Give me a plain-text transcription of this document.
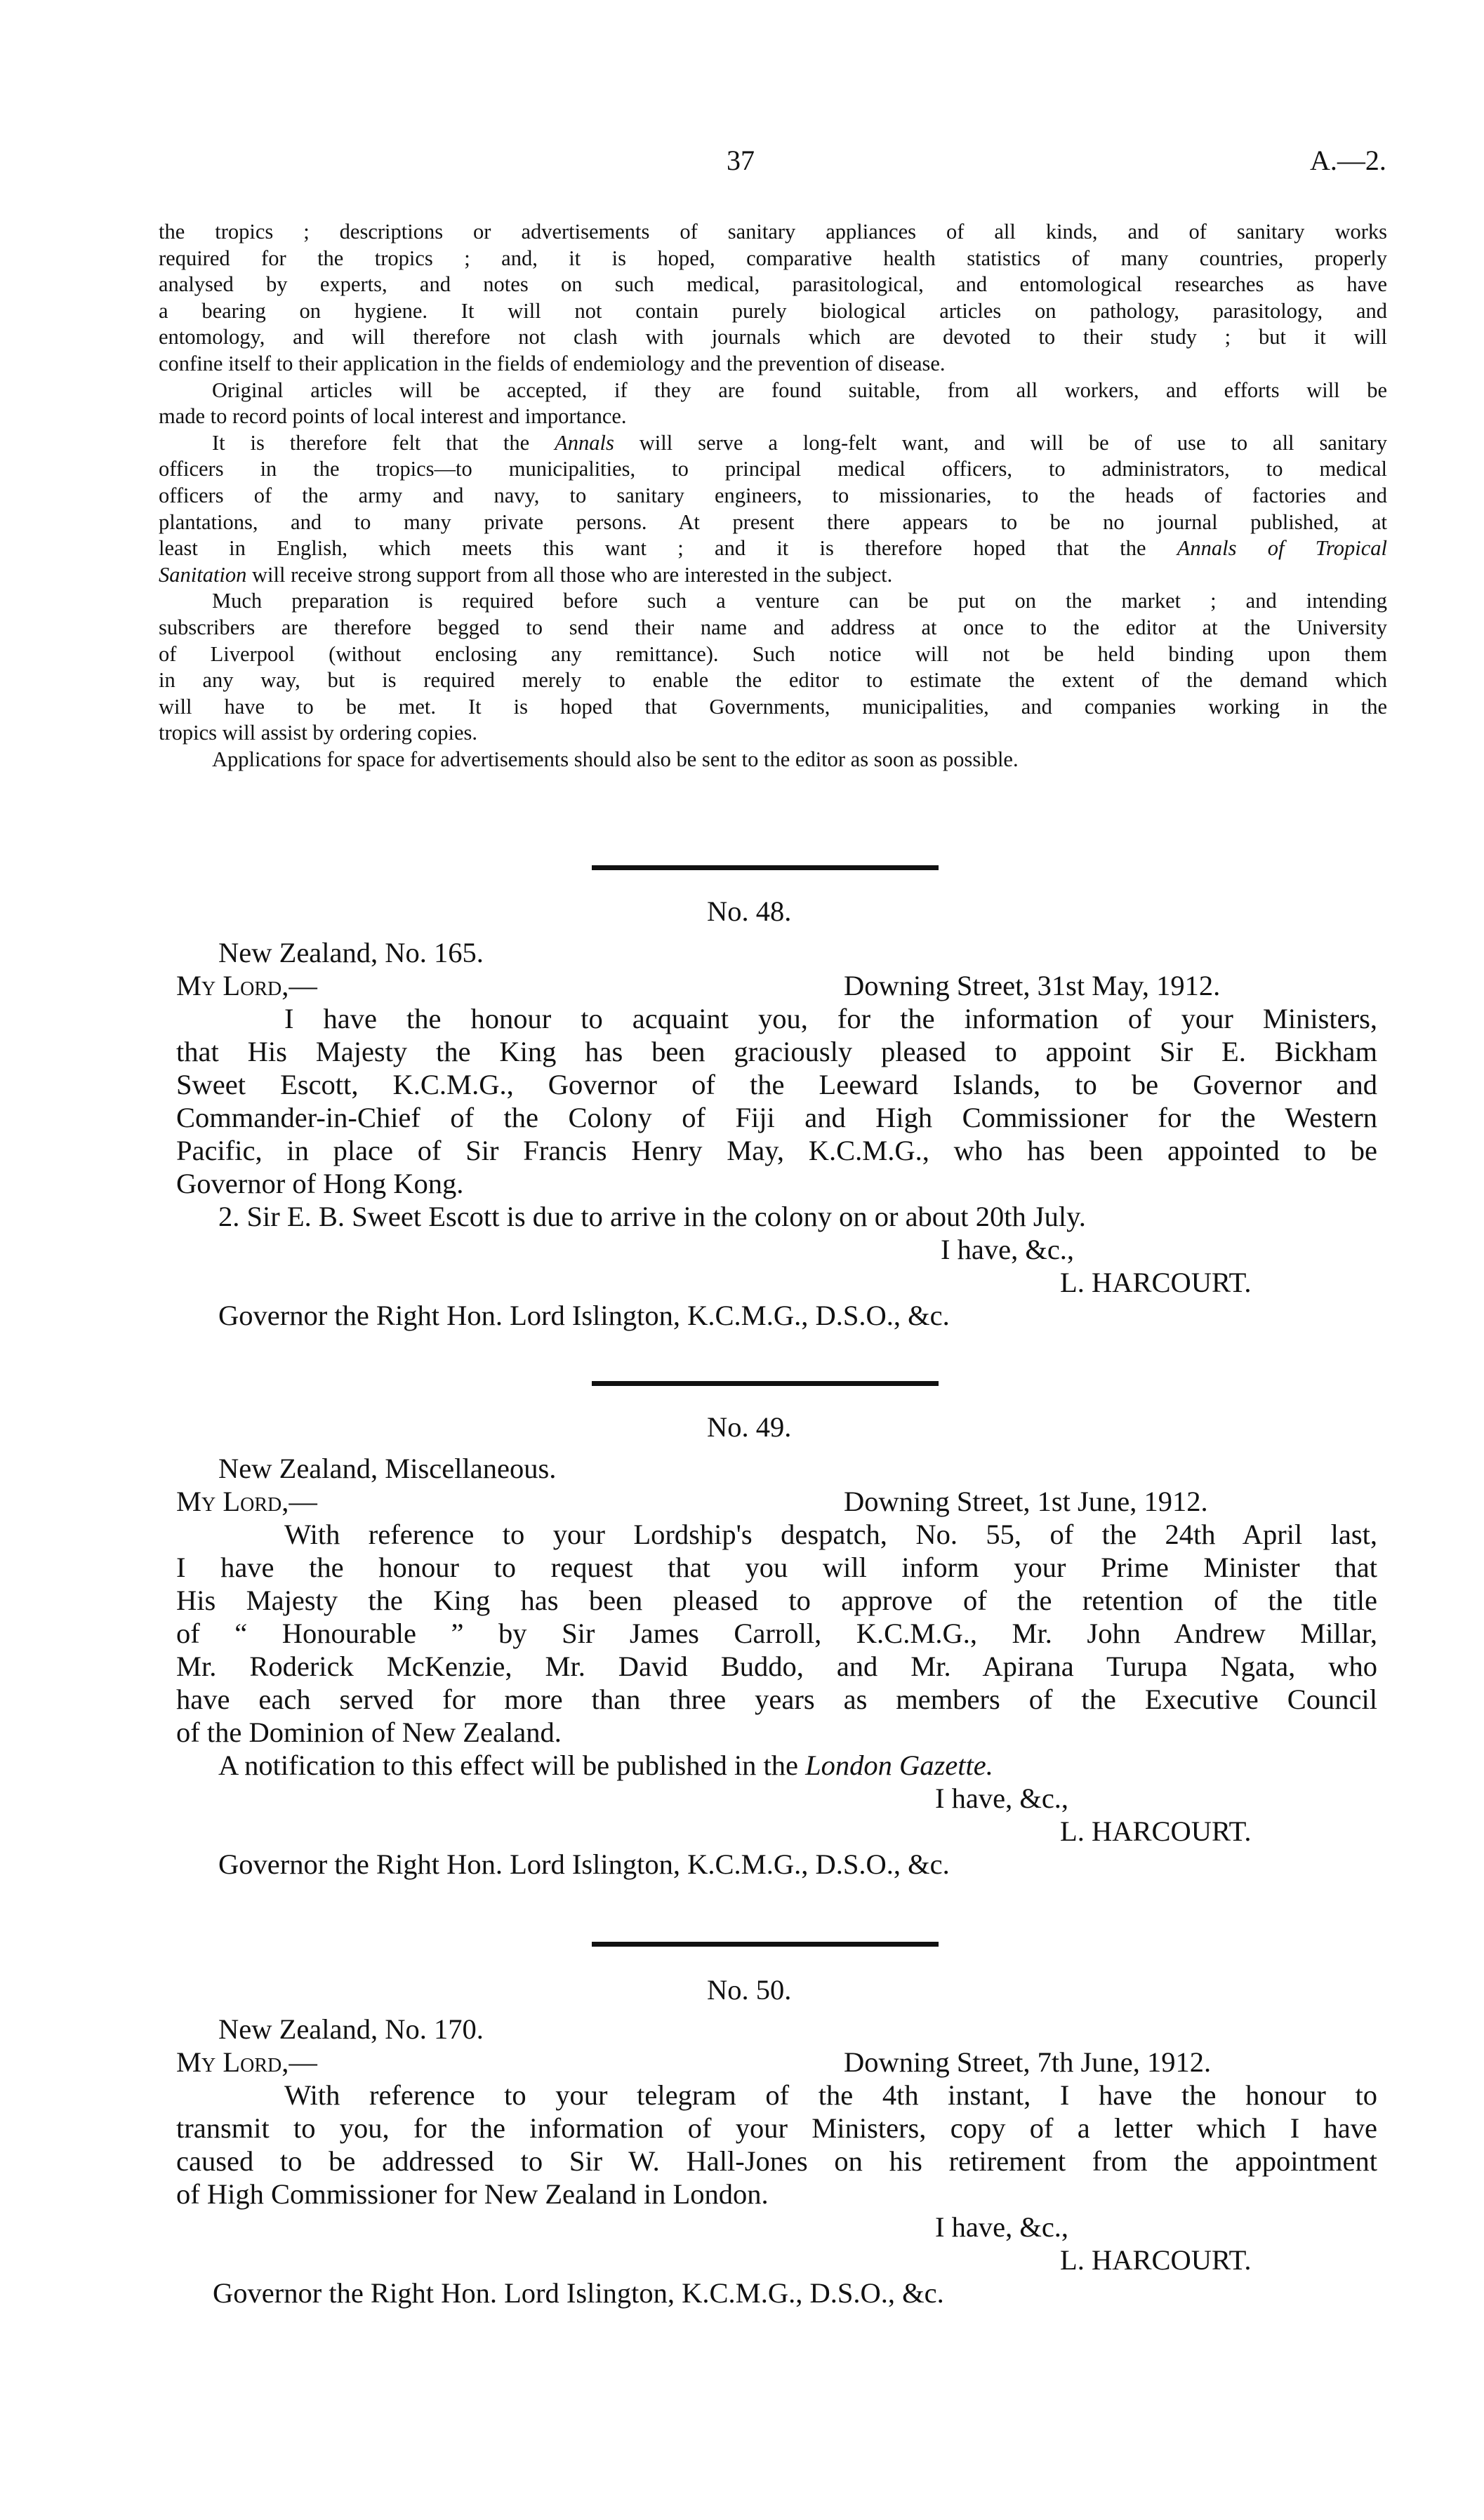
37	A.—2.

the tropics ; descriptions or advertisements of sanitary appliances of all kinds, and of sanitary works
required for the tropics ; and, it is hoped, comparative health statistics of many countries, properly
analysed by experts, and notes on such medical, parasitological, and entomological researches as have
a bearing on hygiene. It will not contain purely biological articles on pathology, parasitology, and
entomology, and will therefore not clash with journals which are devoted to their study ; but it will
confine itself to their application in the fields of endemiology and the prevention of disease.

Original articles will be accepted, if they are found suitable, from all workers, and efforts will be
made to record points of local interest and importance.

It is therefore felt that the Annals will serve a long-felt want, and will be of use to all sanitary
officers in the tropics—to municipalities, to principal medical officers, to administrators, to medical
officers of the army and navy, to sanitary engineers, to missionaries, to the heads of factories and
plantations, and to many private persons. At present there appears to be no journal published, at
least in English, which meets this want ; and it is therefore hoped that the Annals of Tropical
Sanitation will receive strong support from all those who are interested in the subject.

Much preparation is required before such a venture can be put on the market ; and intending
subscribers are therefore begged to send their name and address at once to the editor at the University
of Liverpool (without enclosing any remittance). Such notice will not be held binding upon them
in any way, but is required merely to enable the editor to estimate the extent of the demand which
will have to be met. It is hoped that Governments, municipalities, and companies working in the
tropics will assist by ordering copies.

Applications for space for advertisements should also be sent to the editor as soon as possible.

No. 48.
New Zealand, No. 165.
My Lord,—	Downing Street, 31st May, 1912.
I have the honour to acquaint you, for the information of your Ministers,
that His Majesty the King has been graciously pleased to appoint Sir E. Bickham
Sweet Escott, K.C.M.G., Governor of the Leeward Islands, to be Governor and
Commander-in-Chief of the Colony of Fiji and High Commissioner for the Western
Pacific, in place of Sir Francis Henry May, K.C.M.G., who has been appointed to be
Governor of Hong Kong.
2. Sir E. B. Sweet Escott is due to arrive in the colony on or about 20th July.
I have, &c.,
L. HARCOURT.
Governor the Right Hon. Lord Islington, K.C.M.G., D.S.O., &c.
No. 49.
New Zealand, Miscellaneous.
My Lord,—	Downing Street, 1st June, 1912.
With reference to your Lordship's despatch, No. 55, of the 24th April last,
I have the honour to request that you will inform your Prime Minister that
His Majesty the King has been pleased to approve of the retention of the title
of “ Honourable ” by Sir James Carroll, K.C.M.G., Mr. John Andrew Millar,
Mr. Roderick McKenzie, Mr. David Buddo, and Mr. Apirana Turupa Ngata, who
have each served for more than three years as members of the Executive Council
of the Dominion of New Zealand.
A notification to this effect will be published in the London Gazette.
I have, &c.,
L. HARCOURT.
Governor the Right Hon. Lord Islington, K.C.M.G., D.S.O., &c.
No. 50.
New Zealand, No. 170.
My Lord,—	Downing Street, 7th June, 1912.
With reference to your telegram of the 4th instant, I have the honour to
transmit to you, for the information of your Ministers, copy of a letter which I have
caused to be addressed to Sir W. Hall-Jones on his retirement from the appointment
of High Commissioner for New Zealand in London.
I have, &c.,
L. HARCOURT.
Governor the Right Hon. Lord Islington, K.C.M.G., D.S.O., &c.
